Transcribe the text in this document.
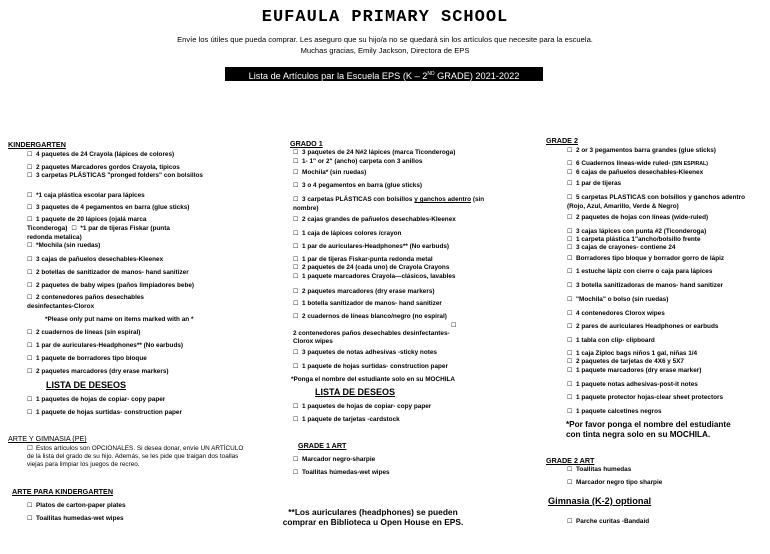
EUFAULA PRIMARY SCHOOL
Envíe los útiles que pueda comprar. Les aseguro que su hijo/a no se quedará sin los artículos que necesite para la escuela.
Muchas gracias, Emily Jackson, Directora de EPS
Lista de Artículos par la Escuela EPS (K – 2ND GRADE) 2021-2022
KINDERGARTEN
☐ 4 paquetes de 24 Crayola (lápices de colores)
☐ 2 paquetes Marcadores gordos Crayola, típicos
☐ 3 carpetas PLÁSTICAS "pronged folders" con bolsillos
☐ *1 caja plástica escolar para lápices
☐ 3 paquetes de 4 pegamentos en barra (glue sticks)
☐ 1 paquete de 20 lápices (ojalá marca Ticonderoga) ☐ *1 par de tijeras Fiskar (punta redonda metalica)
☐ *Mochila (sin ruedas)
☐ 3 cajas de pañuelos desechables-Kleenex
☐ 2 botellas de sanitizador de manos- hand sanitizer
☐ 2 paquetes de baby wipes (paños limpiadores bebe)
☐ 2 contenedores paños desechables desinfectantes-Clorox
*Please only put name on items marked with an *
☐ 2 cuadernos de líneas (sin espiral)
☐ 1 par de auriculares-Headphones** (No earbuds)
☐ 1 paquete de borradores tipo bloque
☐ 2 paquetes marcadores (dry erase markers)
LISTA DE DESEOS
☐ 1 paquetes de hojas de copiar- copy paper
☐ 1 paquete de hojas surtidas- construction paper
ARTE Y GIMNASIA (PE)
☐ Estos artículos son OPCIONALES. Si desea donar, envíe UN ARTÍCULO de la lista del grado de su hijo. Además, se les pide que traigan dos toallas viejas para limpiar los juegos de recreo.
ARTE PARA KINDERGARTEN
☐ Platos de carton-paper plates
☐ Toallitas humedas-wet wipes
GRADO 1
☐ 3 paquetes de 24 N#2 lápices (marca Ticonderoga)
☐ 1- 1" or 2" (ancho) carpeta con 3 anillos
☐ Mochila* (sin ruedas)
☐ 3 o 4 pegamentos en barra (glue sticks)
☐ 3 carpetas PLÁSTICAS con bolsillos y ganchos adentro (sin nombre)
☐ 2 cajas grandes de pañuelos desechables-Kleenex
☐ 1 caja de lápices colores /crayon
☐ 1 par de auriculares-Headphones** (No earbuds)
☐ 1 par de tijeras Fiskar-punta redonda metal
☐ 2 paquetes de 24 (cada uno) de Crayola Crayons
☐ 1 paquete marcadores Crayola—clásicos, lavables
☐ 2 paquetes marcadores (dry erase markers)
☐ 1 botella sanitizador de manos- hand sanitizer
☐ 2 cuadernos de líneas blanco/negro (no espiral)
☐
2 contenedores paños desechables desinfectantes-Clorox wipes
☐ 3 paquetes de notas adhesivas -sticky notes
☐ 1 paquete de hojas surtidas- construction paper
*Ponga el nombre del estudiante solo en su MOCHILA
LISTA DE DESEOS
☐ 1 paquetes de hojas de copiar- copy paper
☐ 1 paquete de tarjetas -cardstock
GRADE 1 ART
☐ Marcador negro-sharpie
☐ Toallitas húmedas-wet wipes
**Los auriculares (headphones) se pueden
comprar en Biblioteca u Open House en EPS.
GRADE 2
☐ 2 or 3 pegamentos barra grandes (glue sticks)
☐ 6 Cuadernos líneas-wide ruled- (SIN ESPIRAL)
☐ 6 cajas de pañuelos desechables-Kleenex
☐ 1 par de tijeras
☐ 5 carpetas PLASTICAS con bolsillos y ganchos adentro (Rojo, Azul, Amarillo, Verde & Negro)
☐ 2 paquetes de hojas con líneas (wide-ruled)
☐ 3 cajas lápices con punta #2 (Ticonderoga)
☐ 1 carpeta plástica 1"ancho/bolsillo frente
☐ 3 cajas de crayones- contiene 24
☐ Borradores tipo bloque y borrador gorro de lápiz
☐ 1 estuche lápiz con cierre o caja para lápices
☐ 3 botella sanitizadoras de manos- hand sanitizer
☐ "Mochila" o bolso (sin ruedas)
☐ 4 contenedores Clorox wipes
☐ 2 pares de auriculares Headphones or earbuds
☐ 1 tabla con clip- clipboard
☐ 1 caja Ziploc bags niños 1 gal, niñas 1/4
☐ 2 paquetes de tarjetas de 4X6 y 5X7
☐ 1 paquete marcadores (dry erase marker)
☐ 1 paquete notas adhesivas-post-it notes
☐ 1 paquete protector hojas-clear sheet protectors
☐ 1 paquete calcetines negros
*Por favor ponga el nombre del estudiante
con tinta negra solo en su MOCHILA.
GRADE 2 ART
☐ Toallitas humedas
☐ Marcador negro tipo sharpie
Gimnasia (K-2) optional
☐ Parche curitas -Bandaid
